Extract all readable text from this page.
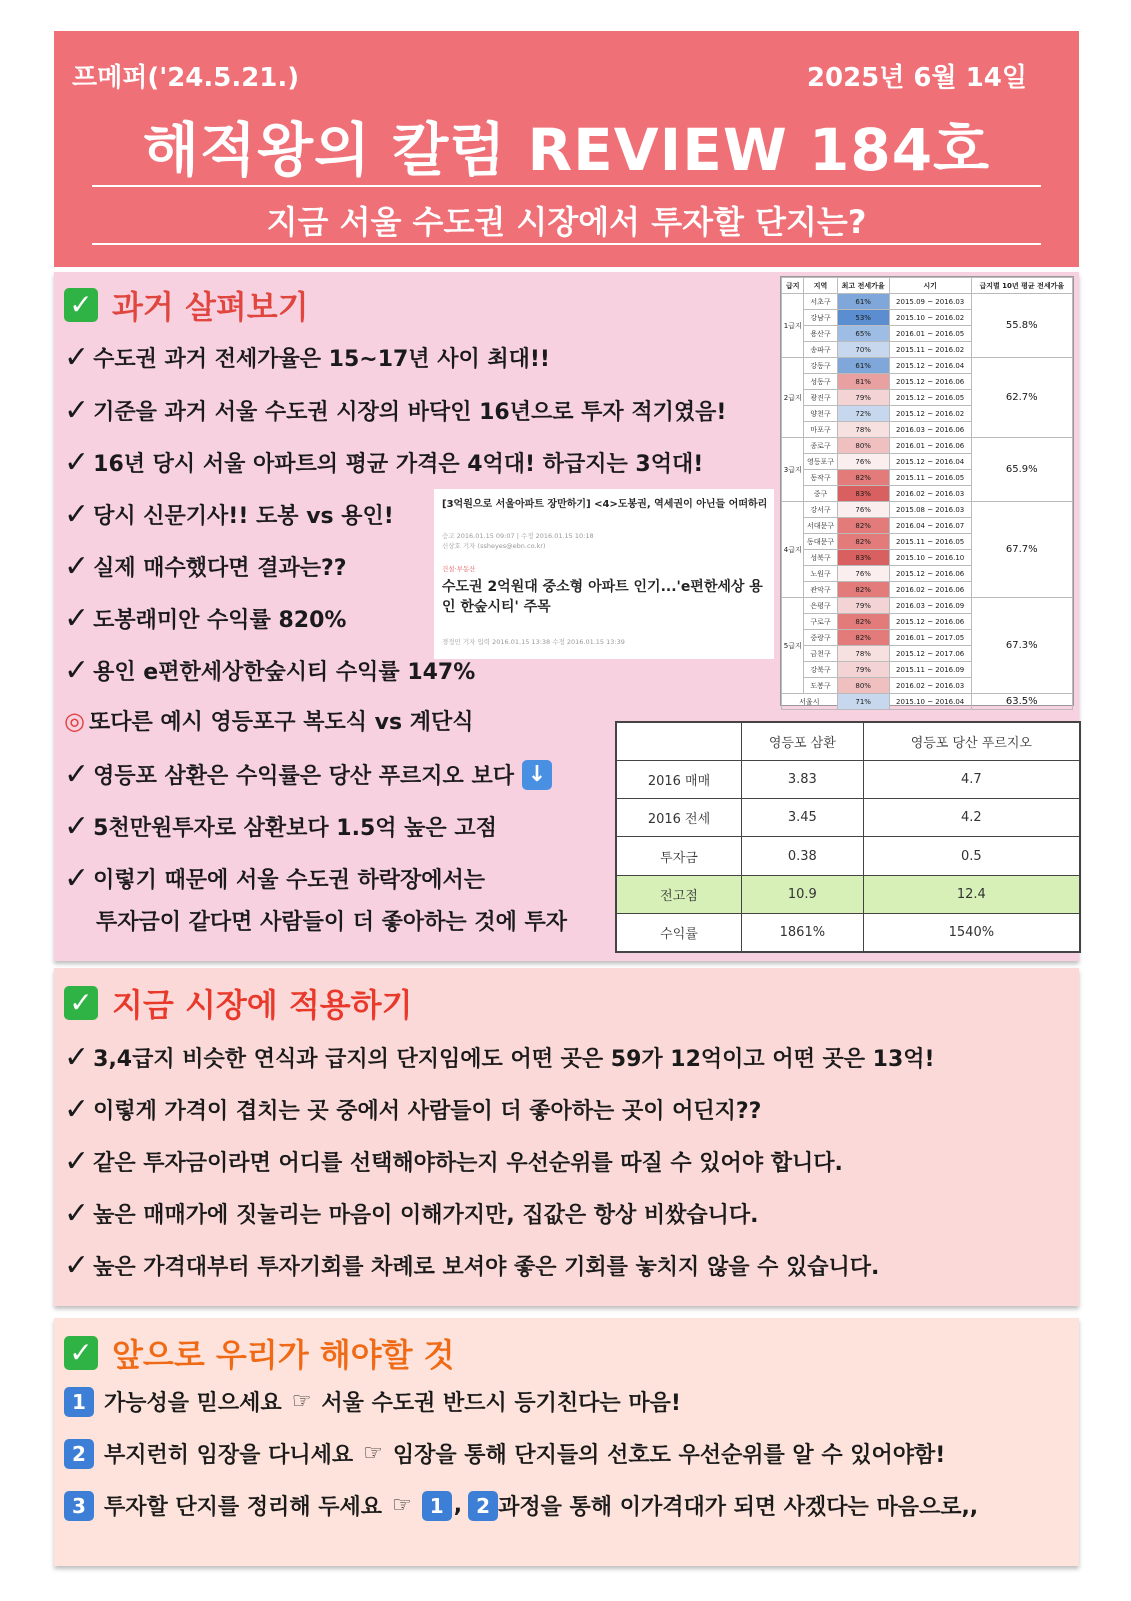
프메퍼('24.5.21.)	2025년 6월 14일
해적왕의 칼럼 REVIEW 184호
지금 서울 수도권 시장에서 투자할 단지는?
✓ 과거 살펴보기
✓ 수도권 과거 전세가율은 15~17년 사이 최대!!
✓ 기준을 과거 서울 수도권 시장의 바닥인 16년으로 투자 적기였음!
✓ 16년 당시 서울 아파트의 평균 가격은 4억대! 하급지는 3억대!
✓ 당시 신문기사!! 도봉 vs 용인!
✓ 실제 매수했다면 결과는??
✓ 도봉래미안 수익률 820%
✓ 용인 e편한세상한숲시티 수익률 147%
◎ 또다른 예시 영등포구 복도식 vs 계단식
✓ 영등포 삼환은 수익률은 당산 푸르지오 보다 ↓
✓ 5천만원투자로 삼환보다 1.5억 높은 고점
✓ 이렇기 때문에 서울 수도권 하락장에서는
투자금이 같다면 사람들이 더 좋아하는 것에 투자
[3억원으로 서울아파트 장만하기] <4>도봉권, 역세권이 아닌들 어떠하리
승고 2016.01.15 09:07 | 수정 2016.01.15 10:18
신상호 기자 (ssheyes@ebn.co.kr)
건설·부동산
수도권 2억원대 중소형 아파트 인기...'e편한세상 용인 한숲시티' 주목
경정민 기자 입력 2016.01.15 13:38 수정 2016.01.15 13:39
급지	지역	최고 전세가율	시기	급지별 10년 평균 전세가율
1급지	서초구	61%	2015.09 ~ 2016.03	55.8%
	강남구	53%	2015.10 ~ 2016.02	
	용산구	65%	2016.01 ~ 2016.05	
	송파구	70%	2015.11 ~ 2016.02	
2급지	강동구	61%	2015.12 ~ 2016.04	62.7%
	성동구	81%	2015.12 ~ 2016.06	
	광진구	79%	2015.12 ~ 2016.05	
	양천구	72%	2015.12 ~ 2016.02	
	마포구	78%	2016.03 ~ 2016.06	
3급지	종로구	80%	2016.01 ~ 2016.06	65.9%
	영등포구	76%	2015.12 ~ 2016.04	
	동작구	82%	2015.11 ~ 2016.05	
	중구	83%	2016.02 ~ 2016.03	
4급지	강서구	76%	2015.08 ~ 2016.03	67.7%
	서대문구	82%	2016.04 ~ 2016.07	
	동대문구	82%	2015.11 ~ 2016.05	
	성북구	83%	2015.10 ~ 2016.10	
	노원구	76%	2015.12 ~ 2016.06	
	관악구	82%	2016.02 ~ 2016.06	
5급지	은평구	79%	2016.03 ~ 2016.09	67.3%
	구로구	82%	2015.12 ~ 2016.06	
	중랑구	82%	2016.01 ~ 2017.05	
	금천구	78%	2015.12 ~ 2017.06	
	강북구	79%	2015.11 ~ 2016.09	
	도봉구	80%	2016.02 ~ 2016.03	
서울시		71%	2015.10 ~ 2016.04	63.5%
	영등포 삼환	영등포 당산 푸르지오
2016 매매	3.83	4.7
2016 전세	3.45	4.2
투자금	0.38	0.5
전고점	10.9	12.4
수익률	1861%	1540%
✓ 지금 시장에 적용하기
✓ 3,4급지 비슷한 연식과 급지의 단지임에도 어떤 곳은 59가 12억이고 어떤 곳은 13억!
✓ 이렇게 가격이 겹치는 곳 중에서 사람들이 더 좋아하는 곳이 어딘지??
✓ 같은 투자금이라면 어디를 선택해야하는지 우선순위를 따질 수 있어야 합니다.
✓ 높은 매매가에 짓눌리는 마음이 이해가지만, 집값은 항상 비쌌습니다.
✓ 높은 가격대부터 투자기회를 차례로 보셔야 좋은 기회를 놓치지 않을 수 있습니다.
✓ 앞으로 우리가 해야할 것
1 가능성을 믿으세요 ☞ 서울 수도권 반드시 등기친다는 마음!
2 부지런히 임장을 다니세요 ☞ 임장을 통해 단지들의 선호도 우선순위를 알 수 있어야함!
3 투자할 단지를 정리해 두세요 ☞ 1 , 2 과정을 통해 이가격대가 되면 사겠다는 마음으로,,
